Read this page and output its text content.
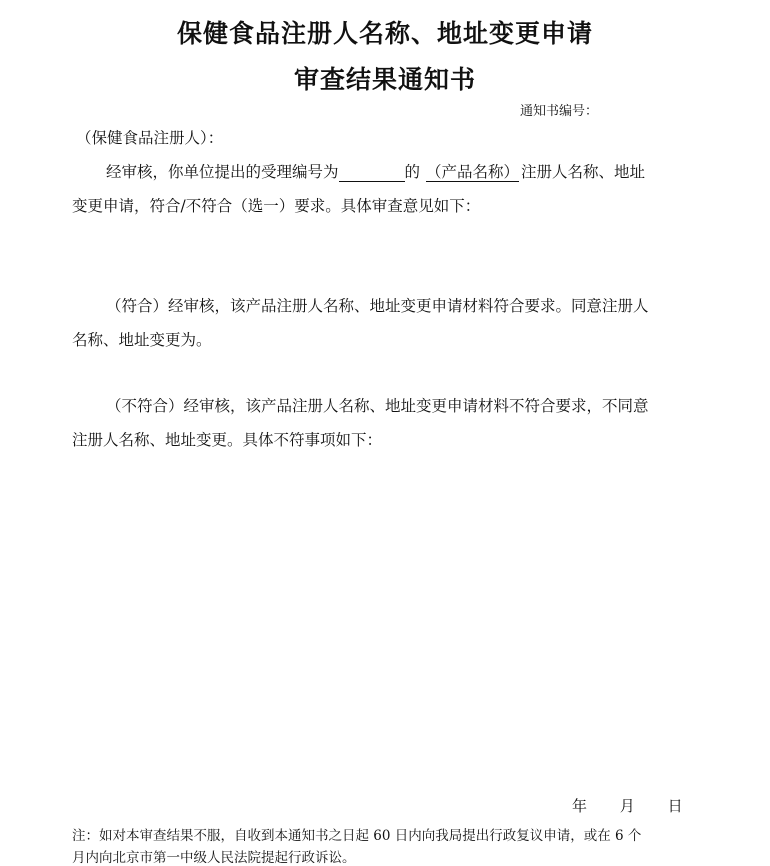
保健食品注册人名称、地址变更申请
审查结果通知书
通知书编号：
（保健食品注册人）：
经审核，你单位提出的受理编号为	的 （产品名称） 注册人名称、地址
变更申请，符合/不符合（选一）要求。具体审查意见如下：
（符合）经审核，该产品注册人名称、地址变更申请材料符合要求。同意注册人
名称、地址变更为。
（不符合）经审核，该产品注册人名称、地址变更申请材料不符合要求，不同意
注册人名称、地址变更。具体不符事项如下：
年 月 日
注：如对本审查结果不服，自收到本通知书之日起 60 日内向我局提出行政复议申请，或在 6 个
月内向北京市第一中级人民法院提起行政诉讼。
